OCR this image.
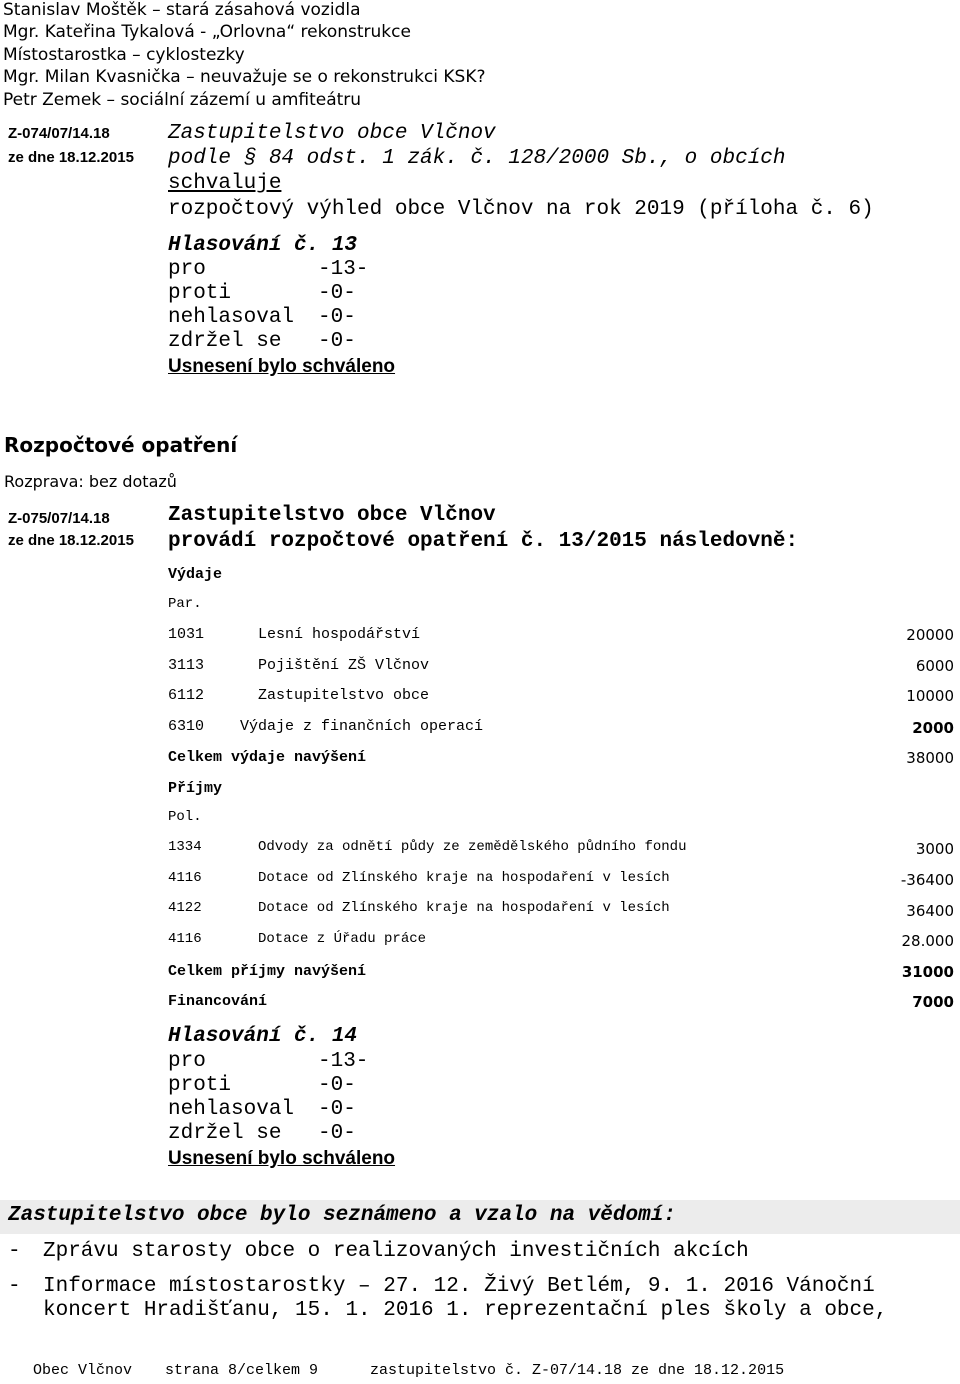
Stanislav Moštěk – stará zásahová vozidla
Mgr. Kateřina Tykalová - „Orlovna“ rekonstrukce
Místostarostka – cyklostezky
Mgr. Milan Kvasnička – neuvažuje se o rekonstrukci KSK?
Petr Zemek – sociální zázemí u amfiteátru
Z-074/07/14.18
ze dne 18.12.2015
Zastupitelstvo obce Vlčnov
podle § 84 odst. 1 zák. č. 128/2000 Sb., o obcích
schvaluje
rozpočtový výhled obce Vlčnov na rok 2019 (příloha č. 6)
Hlasování č. 13
pro	-13-
proti	-0-
nehlasoval -0-
zdržel se -0-
Usnesení bylo schváleno
Rozpočtové opatření
Rozprava: bez dotazů
Z-075/07/14.18
ze dne 18.12.2015
Zastupitelstvo obce Vlčnov
provádí rozpočtové opatření č. 13/2015 následovně:
Výdaje
Par.
1031	Lesní hospodářství	20000
3113	Pojištění ZŠ Vlčnov	6000
6112	Zastupitelstvo obce	10000
6310 Výdaje z finančních operací	2000
Celkem výdaje navýšení	38000
Příjmy
Pol.
1334	Odvody za odnětí půdy ze zemědělského půdního fondu	3000
4116	Dotace od Zlínského kraje na hospodaření v lesích	-36400
4122	Dotace od Zlínského kraje na hospodaření v lesích	36400
4116	Dotace z Úřadu práce	28.000
Celkem příjmy navýšení	31000
Financování	7000
Hlasování č. 14
pro	-13-
proti	-0-
nehlasoval -0-
zdržel se -0-
Usnesení bylo schváleno
Zastupitelstvo obce bylo seznámeno a vzalo na vědomí:
- Zprávu starosty obce o realizovaných investičních akcích
- Informace místostarostky – 27. 12. Živý Betlém, 9. 1. 2016 Vánoční
koncert Hradišťanu, 15. 1. 2016 1. reprezentační ples školy a obce,
Obec Vlčnov strana 8/celkem 9	zastupitelstvo č. Z-07/14.18 ze dne 18.12.2015
